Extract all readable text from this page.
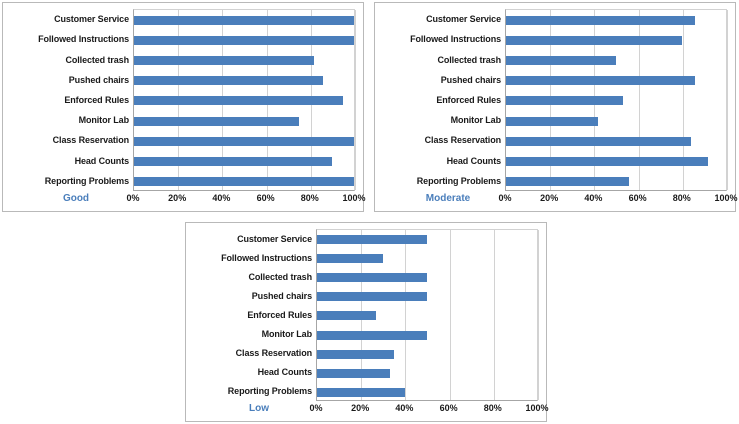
Customer Service
Followed Instructions
Collected trash
Pushed chairs
Enforced Rules
Monitor Lab
Class Reservation
Head Counts
Reporting Problems
0%	20%	40%	60%	80%	100%
Good
Customer Service
Followed Instructions
Collected trash
Pushed chairs
Enforced Rules
Monitor Lab
Class Reservation
Head Counts
Reporting Problems
0%	20%	40%	60%	80%	100%
Moderate
Customer Service
Followed Instructions
Collected trash
Pushed chairs
Enforced Rules
Monitor Lab
Class Reservation
Head Counts
Reporting Problems
0%	20%	40%	60%	80%	100%
Low
